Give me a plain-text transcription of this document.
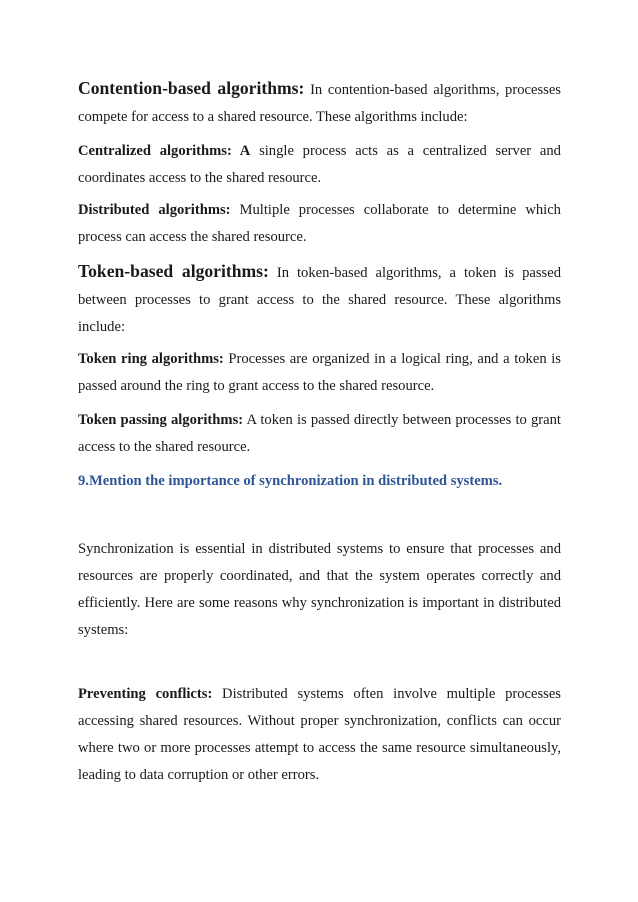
Contention-based algorithms: In contention-based algorithms, processes compete for access to a shared resource. These algorithms include:

Centralized algorithms: A single process acts as a centralized server and coordinates access to the shared resource.

Distributed algorithms: Multiple processes collaborate to determine which process can access the shared resource.

Token-based algorithms: In token-based algorithms, a token is passed between processes to grant access to the shared resource. These algorithms include:

Token ring algorithms: Processes are organized in a logical ring, and a token is passed around the ring to grant access to the shared resource.

Token passing algorithms: A token is passed directly between processes to grant access to the shared resource.

9.Mention the importance of synchronization in distributed systems.

Synchronization is essential in distributed systems to ensure that processes and resources are properly coordinated, and that the system operates correctly and efficiently. Here are some reasons why synchronization is important in distributed systems:

Preventing conflicts: Distributed systems often involve multiple processes accessing shared resources. Without proper synchronization, conflicts can occur where two or more processes attempt to access the same resource simultaneously, leading to data corruption or other errors.
